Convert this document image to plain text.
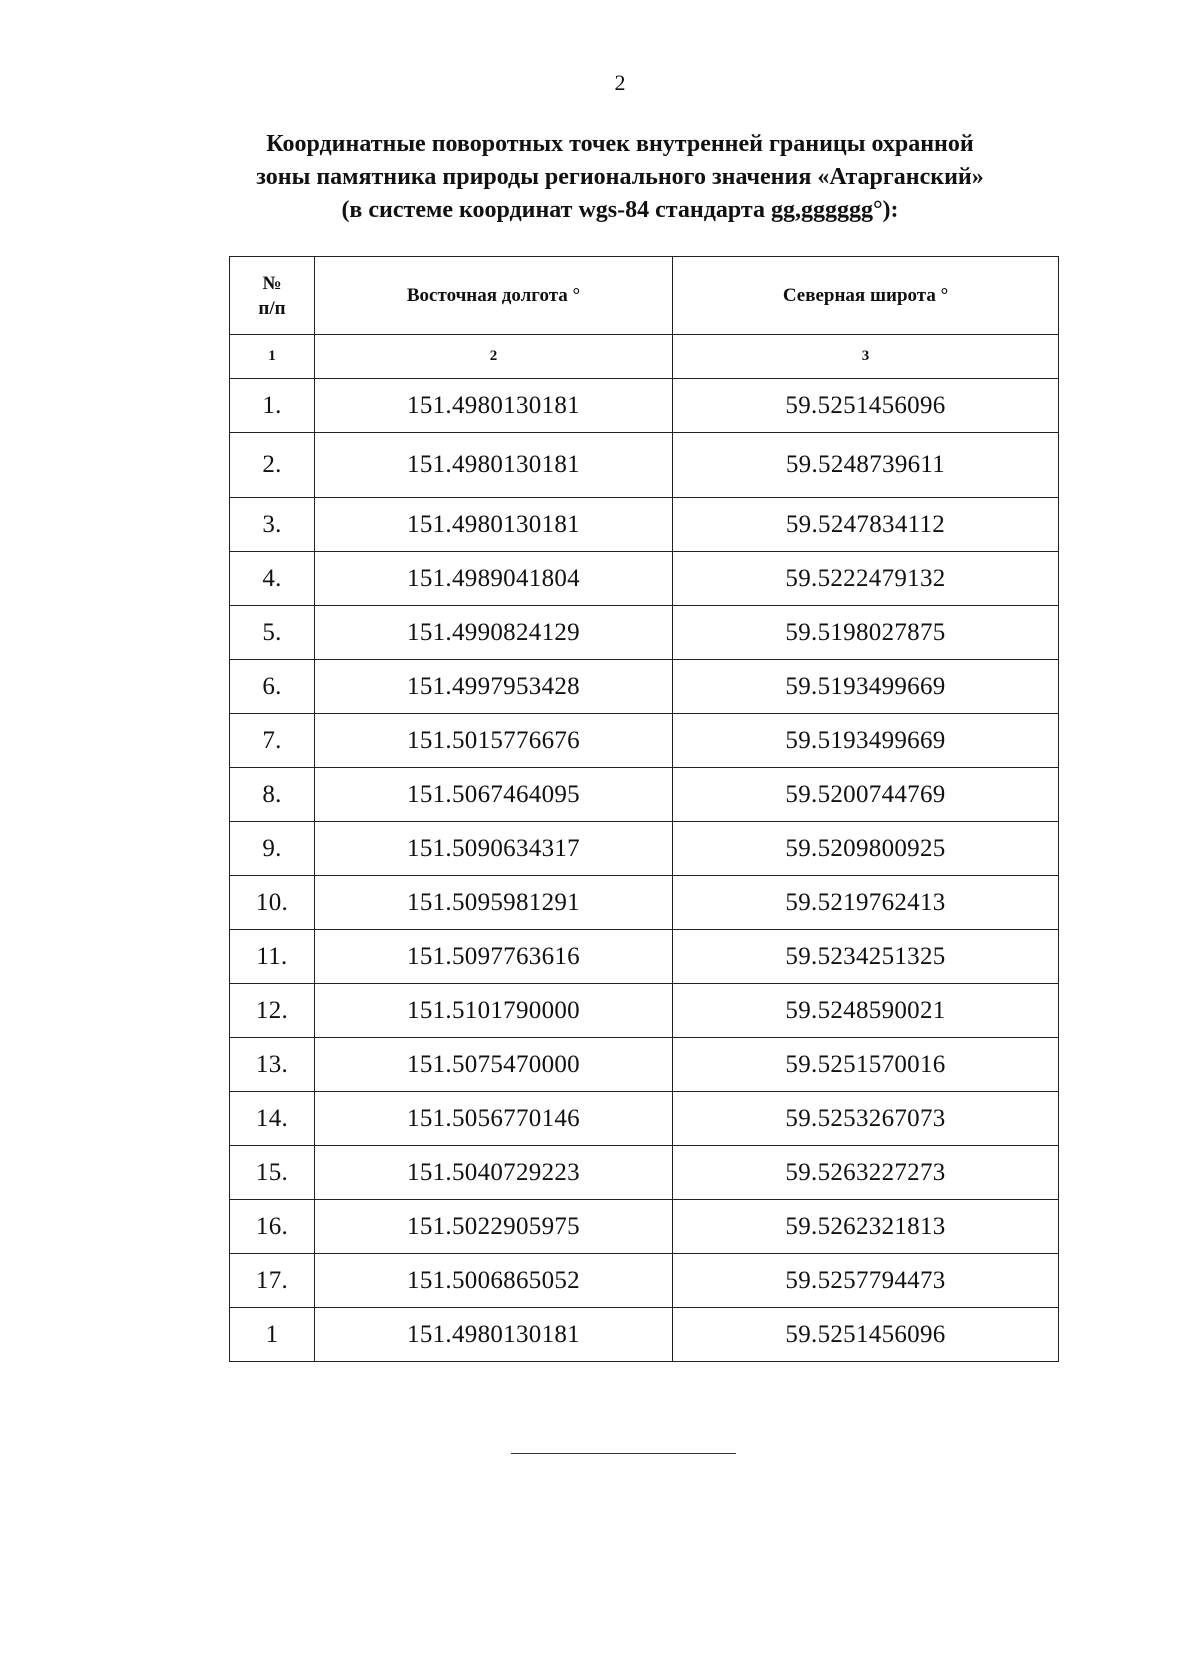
2
Координатные поворотных точек внутренней границы охранной
зоны памятника природы регионального значения «Атарганский»
(в системе координат wgs-84 стандарта gg,gggggg°):
№
п/п	Восточная долгота °	Северная широта °
1	2	3
1.	151.4980130181	59.5251456096
2.	151.4980130181	59.5248739611
3.	151.4980130181	59.5247834112
4.	151.4989041804	59.5222479132
5.	151.4990824129	59.5198027875
6.	151.4997953428	59.5193499669
7.	151.5015776676	59.5193499669
8.	151.5067464095	59.5200744769
9.	151.5090634317	59.5209800925
10.	151.5095981291	59.5219762413
11.	151.5097763616	59.5234251325
12.	151.5101790000	59.5248590021
13.	151.5075470000	59.5251570016
14.	151.5056770146	59.5253267073
15.	151.5040729223	59.5263227273
16.	151.5022905975	59.5262321813
17.	151.5006865052	59.5257794473
1	151.4980130181	59.5251456096
